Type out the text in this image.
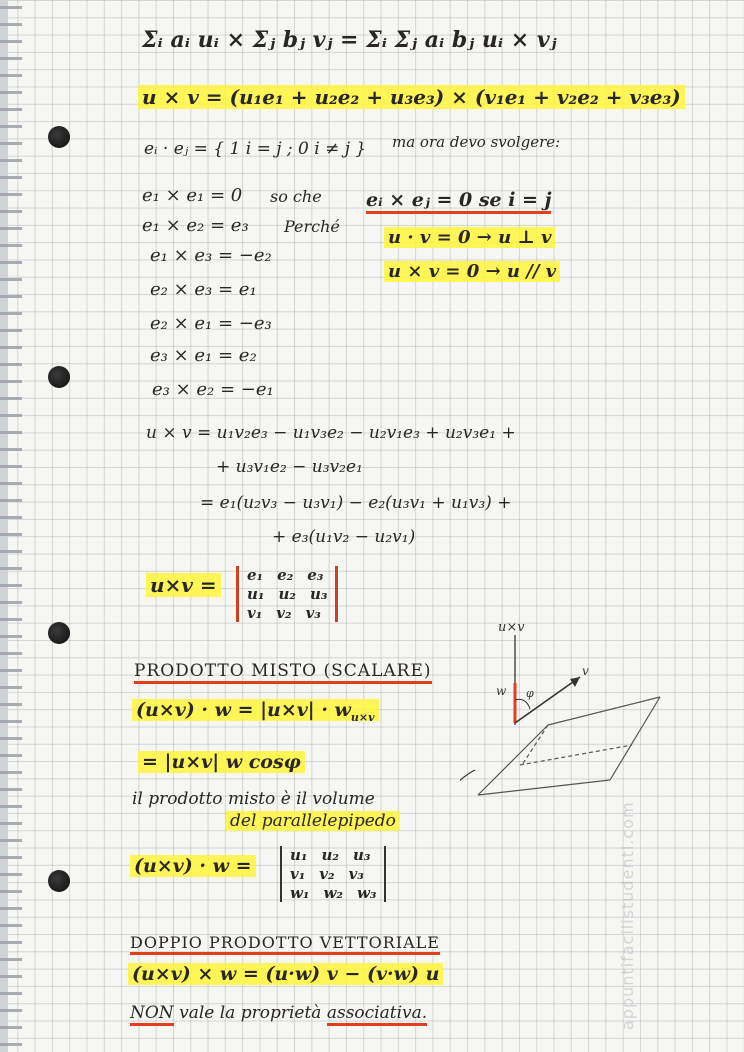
Σᵢ aᵢ uᵢ × Σⱼ bⱼ vⱼ = Σᵢ Σⱼ aᵢ bⱼ uᵢ × vⱼ
u × v = (u₁e₁ + u₂e₂ + u₃e₃) × (v₁e₁ + v₂e₂ + v₃e₃)
eᵢ · eⱼ = { 1 i = j ; 0 i ≠ j } ma ora devo svolgere:
e₁ × e₁ = 0 so che
e₁ × e₂ = e₃ Perché
e₁ × e₃ = −e₂
e₂ × e₃ = e₁
e₂ × e₁ = −e₃
e₃ × e₁ = e₂
e₃ × e₂ = −e₁
eᵢ × eⱼ = 0 se i = j
u · v = 0 → u ⊥ v
u × v = 0 → u // v
u × v = u₁v₂e₃ − u₁v₃e₂ − u₂v₁e₃ + u₂v₃e₁ +
+ u₃v₁e₂ − u₃v₂e₁
= e₁(u₂v₃ − u₃v₁) − e₂(u₃v₁ + u₁v₃) +
+ e₃(u₁v₂ − u₂v₁)
u×v = e₁ e₂ e₃
u₁ u₂ u₃
v₁ v₂ v₃
PRODOTTO MISTO (SCALARE)
$(u\times v) \cdot w = |u\times v| \cdot w_{u\times v}$
= |u×v| w cosφ
il prodotto misto è il volume
del parallelepipedo
(u×v) · w =	u₁ u₂ u₃
v₁ v₂ v₃
w₁ w₂ w₃
DOPPIO PRODOTTO VETTORIALE
(u×v) × w = (u·w) v − (v·w) u
NON vale la proprietà associativa.
u×v
w
v
φ
appuntifacilistudenti.com
